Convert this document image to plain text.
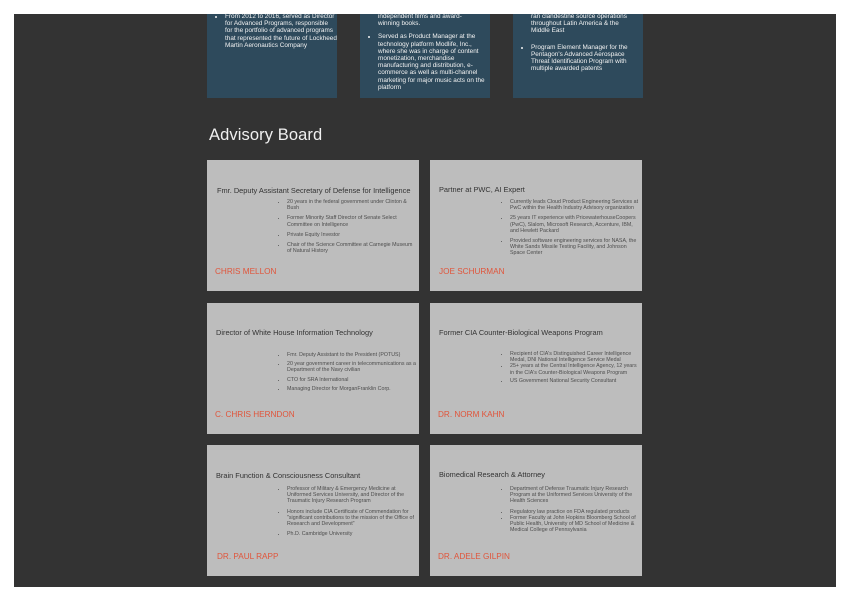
• From 2012 to 2016, served as Director for Advanced Programs, responsible for the portfolio of advanced programs that represented the future of Lockheed Martin Aeronautics Company
independent films and award-winning books.
• Served as Product Manager at the technology platform Modlife, Inc., where she was in charge of content monetization, merchandise manufacturing and distribution, e-commerce as well as multi-channel marketing for major music acts on the platform
ran clandestine source operations throughout Latin America & the Middle East
• Program Element Manager for the Pentagon's Advanced Aerospace Threat Identification Program with multiple awarded patents
Advisory Board
Fmr. Deputy Assistant Secretary of Defense for Intelligence
• 20 years in the federal government under Clinton & Bush
• Former Minority Staff Director of Senate Select Committee on Intelligence
• Private Equity Investor
• Chair of the Science Committee at Carnegie Museum of Natural History
CHRIS MELLON
Partner at PWC, AI Expert
• Currently leads Cloud Product Engineering Services at PwC within the Health Industry Advisory organization
• 25 years IT experience with PricewaterhouseCoopers (PwC), Slalom, Microsoft Research, Accenture, IBM, and Hewlett Packard
• Provided software engineering services for NASA, the White Sands Missile Testing Facility, and Johnson Space Center
JOE SCHURMAN
Director of White House Information Technology
• Fmr. Deputy Assistant to the President (POTUS)
• 20 year government career in telecommunications as a Department of the Navy civilian
• CTO for SRA International
• Managing Director for MorganFranklin Corp.
C. CHRIS HERNDON
Former CIA Counter-Biological Weapons Program
• Recipient of CIA's Distinguished Career Intelligence Medal, DNI National Intelligence Service Medal
• 25+ years at the Central Intelligence Agency, 12 years in the CIA's Counter-Biological Weapons Program
• US Government National Security Consultant
DR. NORM KAHN
Brain Function & Consciousness Consultant
• Professor of Military & Emergency Medicine at Uniformed Services University, and Director of the Traumatic Injury Research Program
• Honors include CIA Certificate of Commendation for "significant contributions to the mission of the Office of Research and Development"
• Ph.D. Cambridge University
DR. PAUL RAPP
Biomedical Research & Attorney
• Department of Defense Traumatic Injury Research Program at the Uniformed Services University of the Health Sciences
• Regulatory law practice on FDA regulated products
• Former Faculty at John Hopkins Bloomberg School of Public Health, University of MD School of Medicine & Medical College of Pennsylvania
DR. ADELE GILPIN
